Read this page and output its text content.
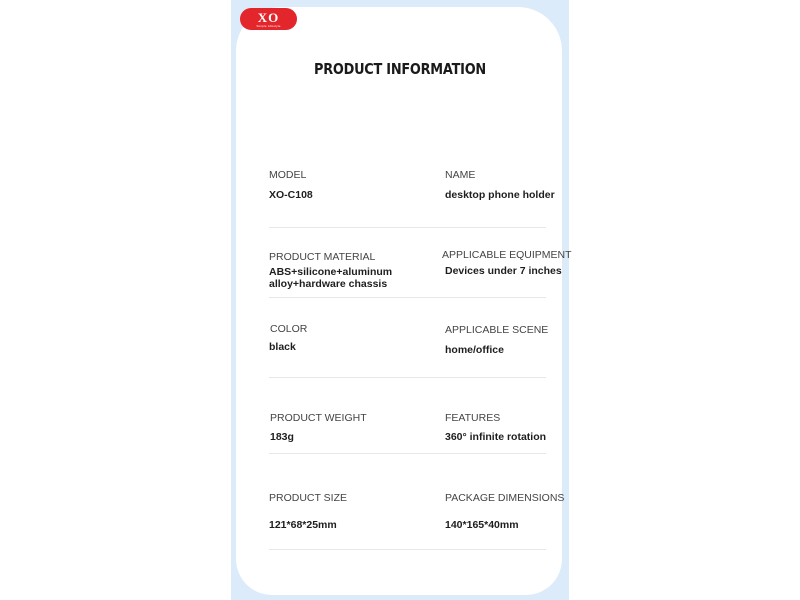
XO
Simple Lifestyle
PRODUCT INFORMATION
MODEL
XO-C108
NAME
desktop phone holder
PRODUCT MATERIAL
ABS+silicone+aluminum
alloy+hardware chassis
APPLICABLE EQUIPMENT
Devices under 7 inches
COLOR
black
APPLICABLE SCENE
home/office
PRODUCT WEIGHT
183g
FEATURES
360° infinite rotation
PRODUCT SIZE
121*68*25mm
PACKAGE DIMENSIONS
140*165*40mm
